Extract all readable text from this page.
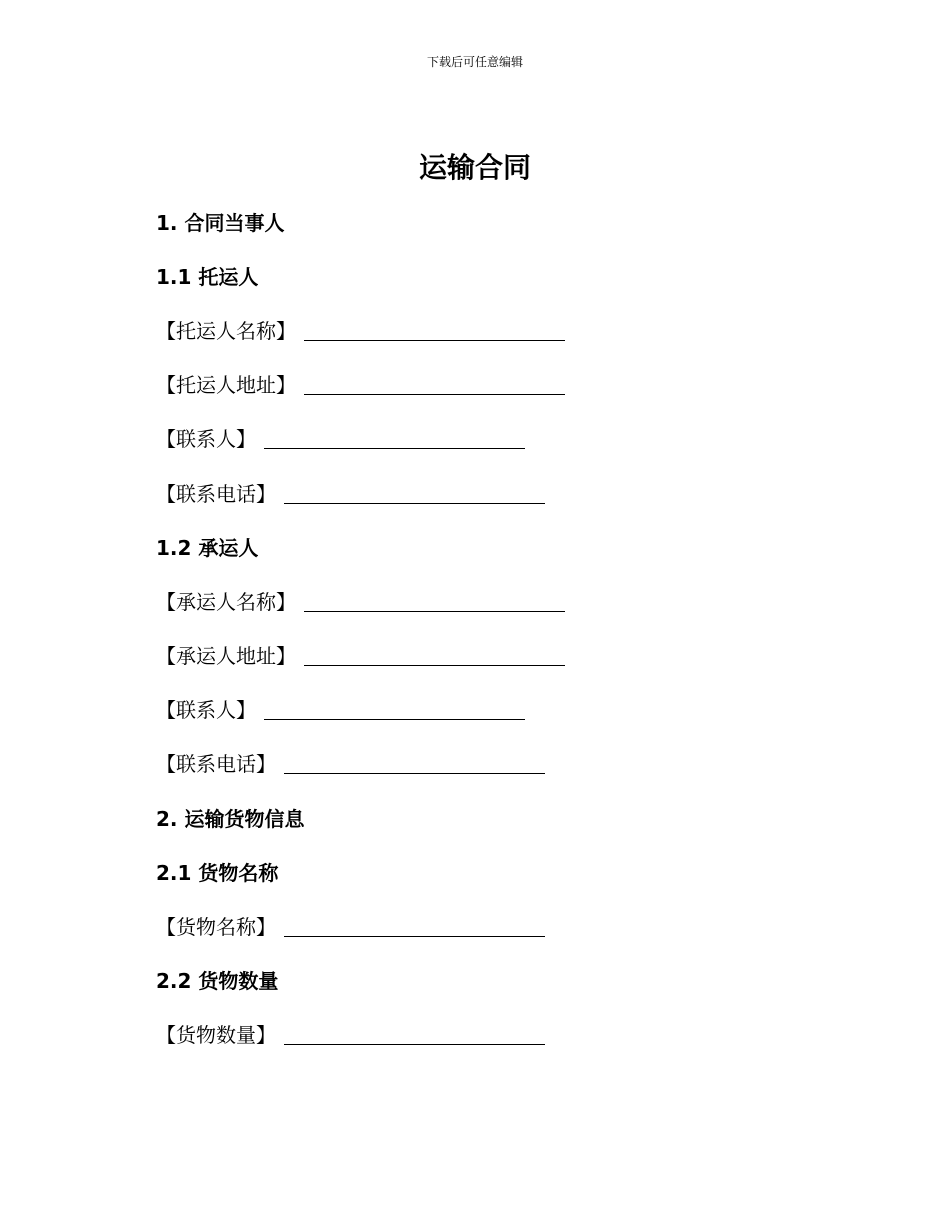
下载后可任意编辑
运输合同
1. 合同当事人
1.1 托运人
【托运人名称】
【托运人地址】
【联系人】
【联系电话】
1.2 承运人
【承运人名称】
【承运人地址】
【联系人】
【联系电话】
2. 运输货物信息
2.1 货物名称
【货物名称】
2.2 货物数量
【货物数量】
